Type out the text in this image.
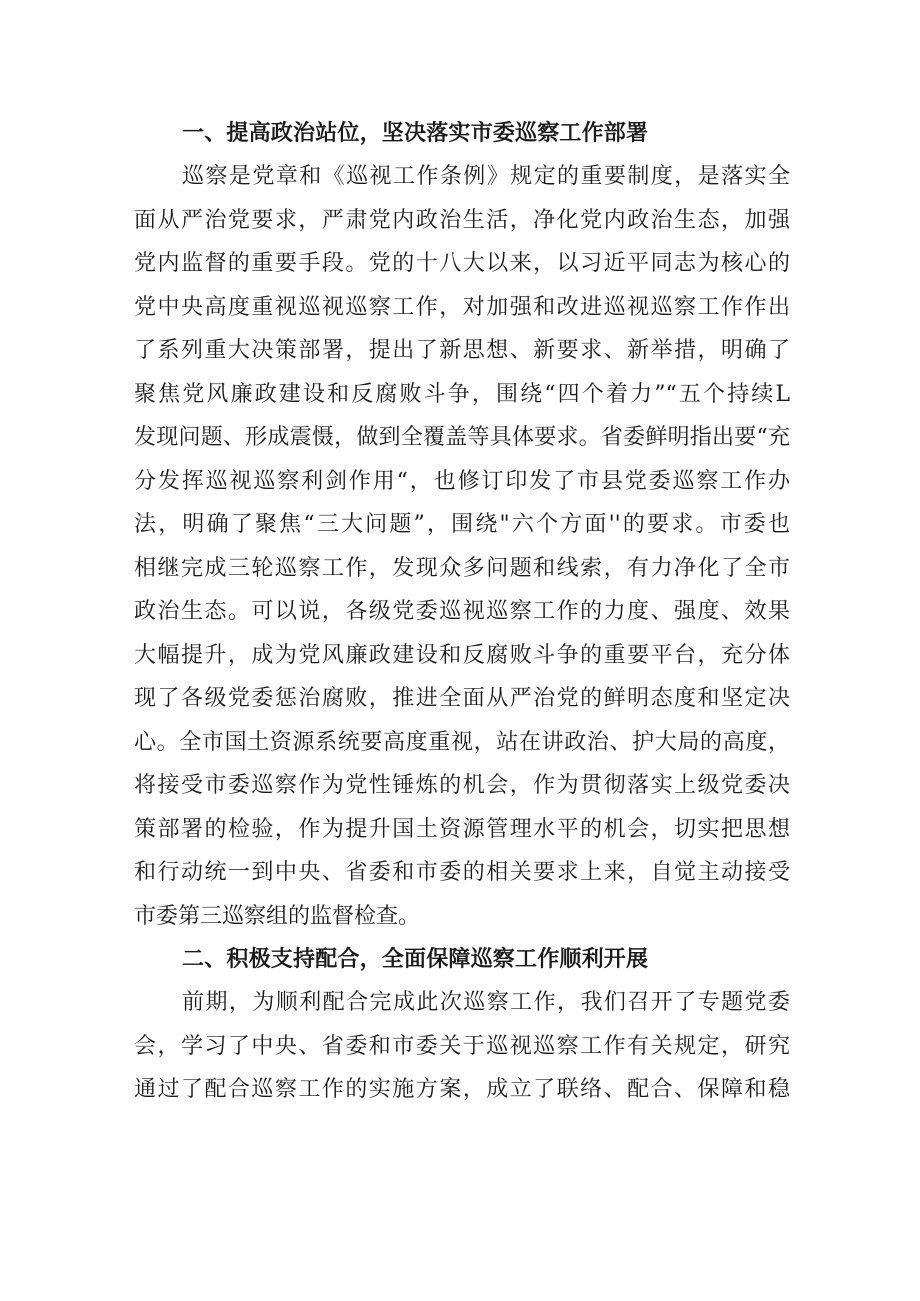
一、提高政治站位，坚决落实市委巡察工作部署
巡察是党章和《巡视工作条例》规定的重要制度，是落实全
面从严治党要求，严肃党内政治生活，净化党内政治生态，加强
党内监督的重要手段。党的十八大以来，以习近平同志为核心的
党中央高度重视巡视巡察工作，对加强和改进巡视巡察工作作出
了系列重大决策部署，提出了新思想、新要求、新举措，明确了
聚焦党风廉政建设和反腐败斗争，围绕“四个着力”“五个持续L
发现问题、形成震慑，做到全覆盖等具体要求。省委鲜明指出要“充
分发挥巡视巡察利剑作用“，也修订印发了市县党委巡察工作办
法，明确了聚焦“三大问题”，围绕"六个方面''的要求。市委也
相继完成三轮巡察工作，发现众多问题和线索，有力净化了全市
政治生态。可以说，各级党委巡视巡察工作的力度、强度、效果
大幅提升，成为党风廉政建设和反腐败斗争的重要平台，充分体
现了各级党委惩治腐败，推进全面从严治党的鲜明态度和坚定决
心。全市国土资源系统要高度重视，站在讲政治、护大局的高度，
将接受市委巡察作为党性锤炼的机会，作为贯彻落实上级党委决
策部署的检验，作为提升国土资源管理水平的机会，切实把思想
和行动统一到中央、省委和市委的相关要求上来，自觉主动接受
市委第三巡察组的监督检查。
二、积极支持配合，全面保障巡察工作顺利开展
前期，为顺利配合完成此次巡察工作，我们召开了专题党委
会，学习了中央、省委和市委关于巡视巡察工作有关规定，研究
通过了配合巡察工作的实施方案，成立了联络、配合、保障和稳
